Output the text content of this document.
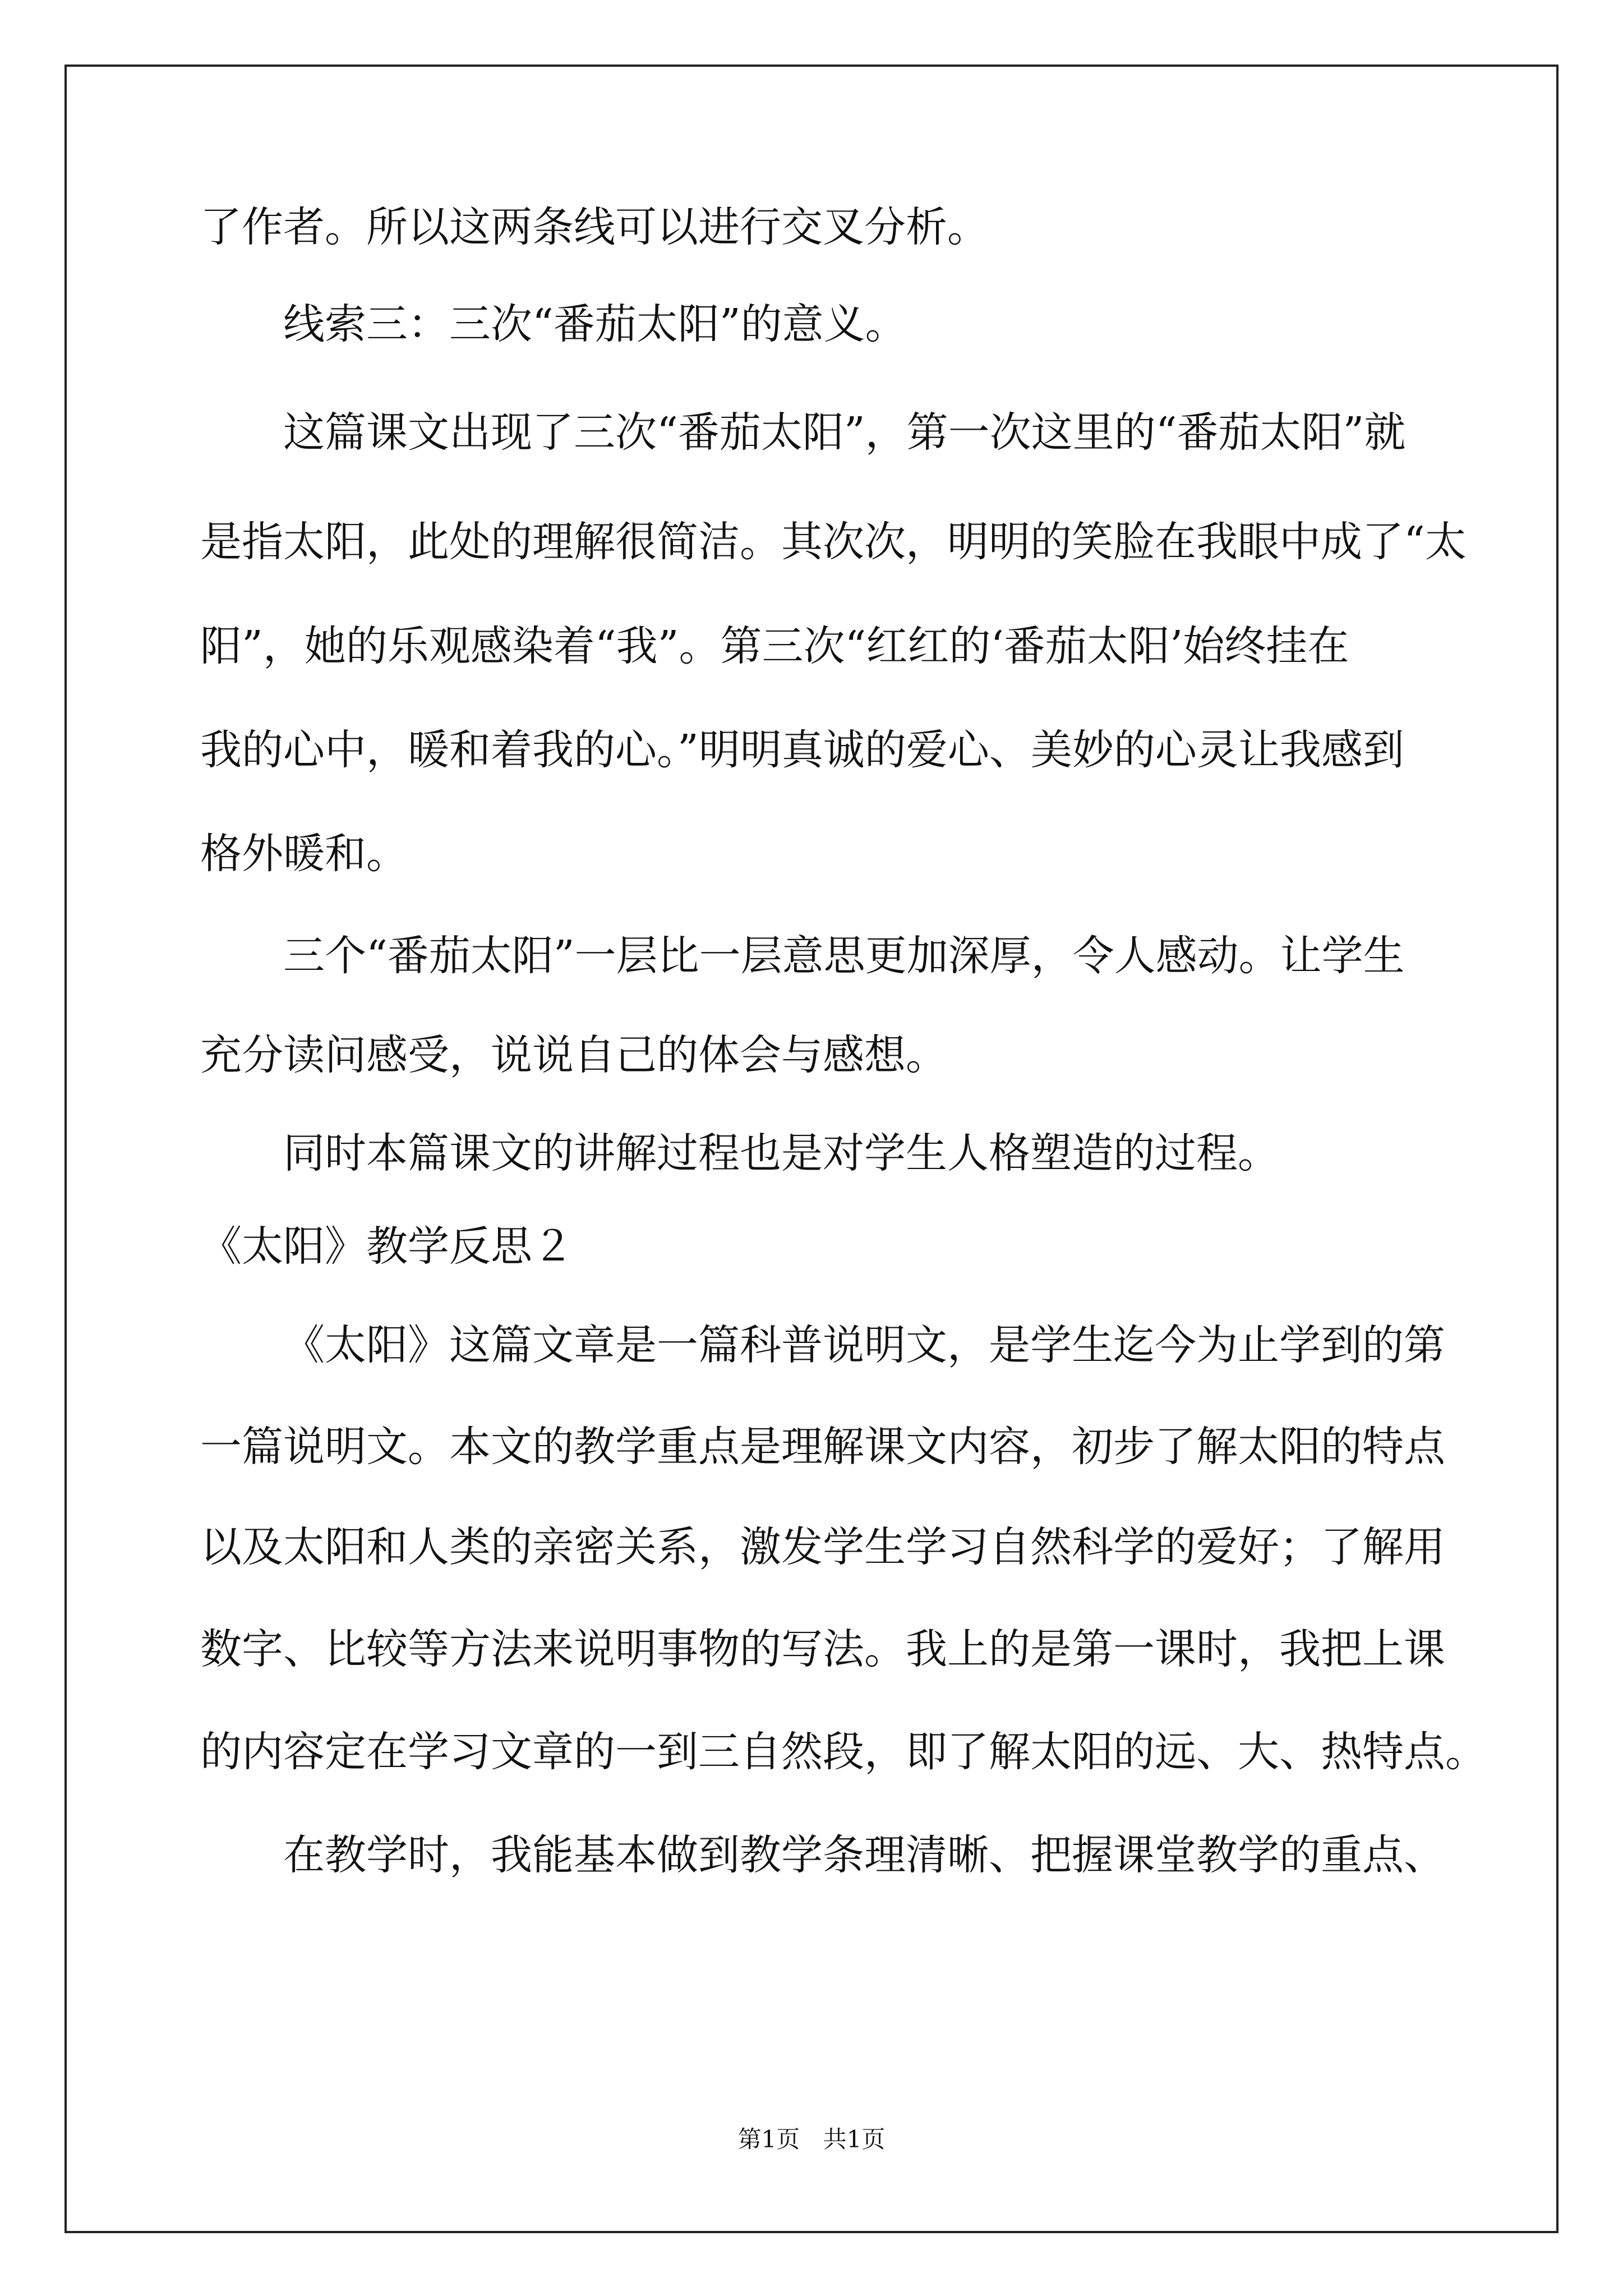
了作者。所以这两条线可以进行交叉分析。
线索三：三次“番茄太阳”的意义。
这篇课文出现了三次“番茄太阳”，第一次这里的“番茄太阳”就
是指太阳，此处的理解很简洁。其次次，明明的笑脸在我眼中成了“太
阳”，她的乐观感染着“我”。第三次“红红的‘番茄太阳’始终挂在
我的心中，暖和着我的心。”明明真诚的爱心、美妙的心灵让我感到
格外暖和。
三个“番茄太阳”一层比一层意思更加深厚，令人感动。让学生
充分读问感受，说说自己的体会与感想。
同时本篇课文的讲解过程也是对学生人格塑造的过程。
《太阳》教学反思２
《太阳》这篇文章是一篇科普说明文，是学生迄今为止学到的第
一篇说明文。本文的教学重点是理解课文内容，初步了解太阳的特点
以及太阳和人类的亲密关系，激发学生学习自然科学的爱好；了解用
数字、比较等方法来说明事物的写法。我上的是第一课时，我把上课
的内容定在学习文章的一到三自然段，即了解太阳的远、大、热特点。
在教学时，我能基本做到教学条理清晰、把握课堂教学的重点、
第1页 共1页
